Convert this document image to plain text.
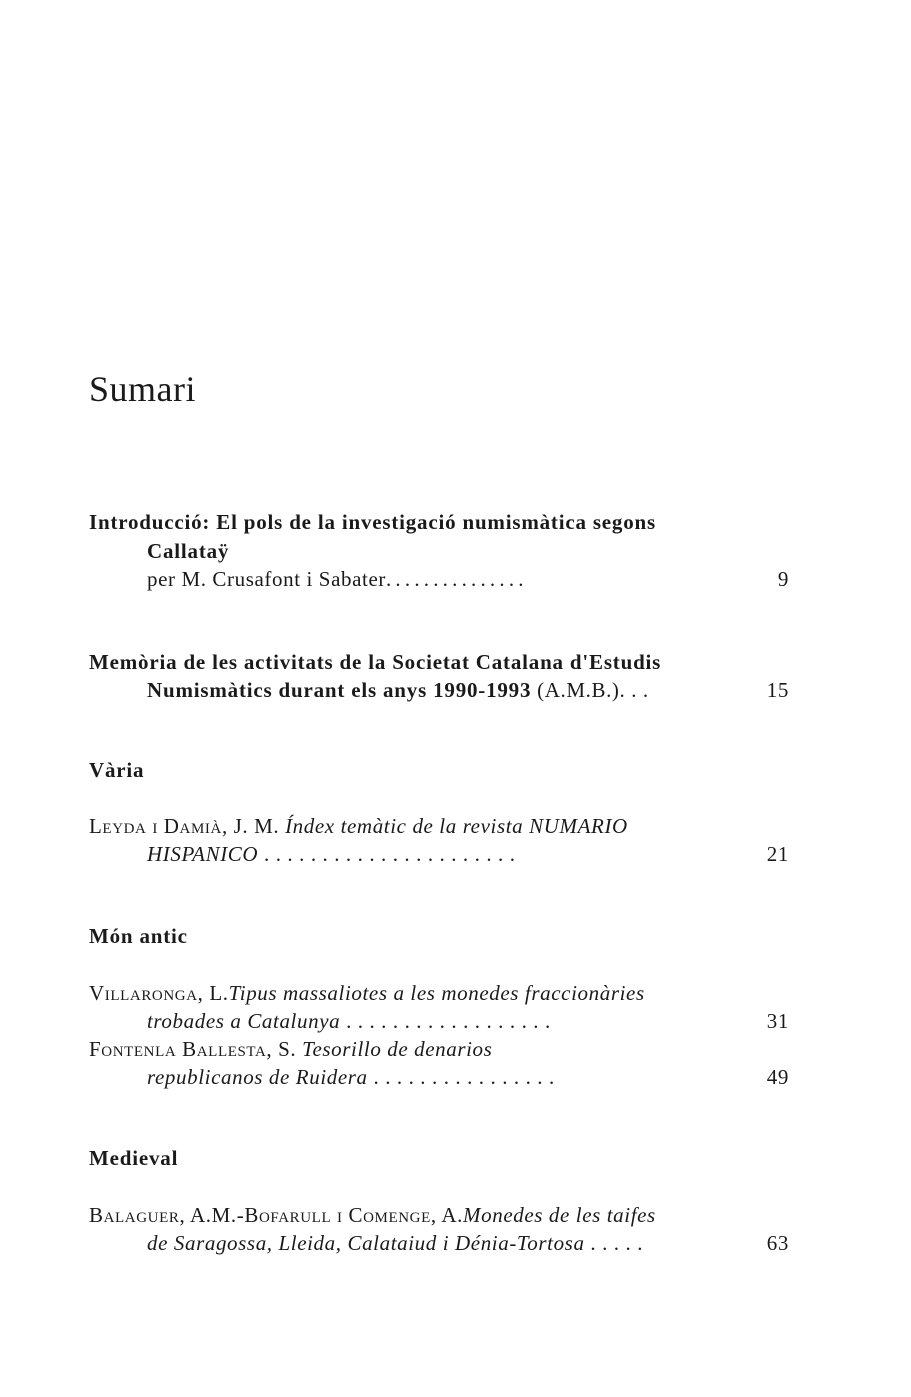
Sumari
Introducció: El pols de la investigació numismàtica segons
Callataÿ
per M. Crusafont i Sabater...............	9
Memòria de les activitats de la Societat Catalana d'Estudis
Numismàtics durant els anys 1990-1993 (A.M.B.). . .	15
Vària
Leyda i Damià, J. M. Índex temàtic de la revista NUMARIO
HISPANICO . . . . . . . . . . . . . . . . . . . . . .	21
Món antic
Villaronga, L.Tipus massaliotes a les monedes fraccionàries
trobades a Catalunya . . . . . . . . . . . . . . . . . .	31
Fontenla Ballesta, S. Tesorillo de denarios
republicanos de Ruidera . . . . . . . . . . . . . . . .	49
Medieval
Balaguer, A.M.-Bofarull i Comenge, A.Monedes de les taifes
de Saragossa, Lleida, Calataiud i Dénia-Tortosa . . . . .	63
